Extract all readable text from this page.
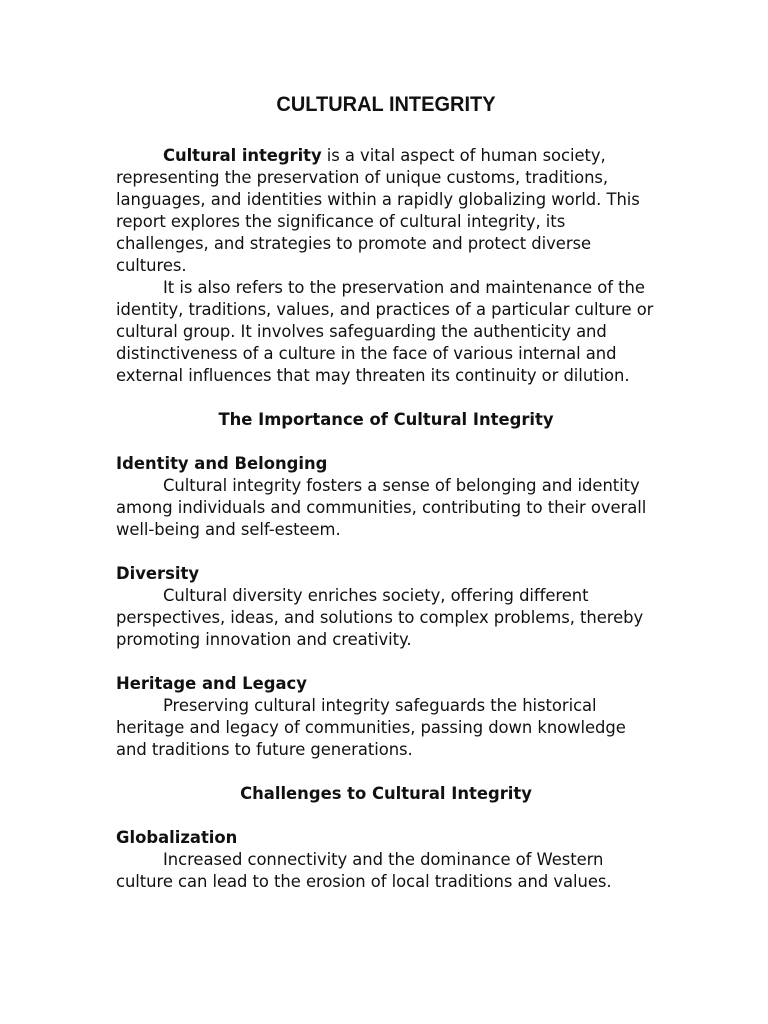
CULTURAL INTEGRITY

Cultural integrity is a vital aspect of human society, representing the preservation of unique customs, traditions, languages, and identities within a rapidly globalizing world. This report explores the significance of cultural integrity, its challenges, and strategies to promote and protect diverse cultures.

It is also refers to the preservation and maintenance of the identity, traditions, values, and practices of a particular culture or cultural group. It involves safeguarding the authenticity and distinctiveness of a culture in the face of various internal and external influences that may threaten its continuity or dilution.

The Importance of Cultural Integrity
Identity and Belonging

Cultural integrity fosters a sense of belonging and identity among individuals and communities, contributing to their overall well-being and self-esteem.

Diversity

Cultural diversity enriches society, offering different perspectives, ideas, and solutions to complex problems, thereby promoting innovation and creativity.

Heritage and Legacy

Preserving cultural integrity safeguards the historical heritage and legacy of communities, passing down knowledge and traditions to future generations.

Challenges to Cultural Integrity
Globalization

Increased connectivity and the dominance of Western culture can lead to the erosion of local traditions and values.
